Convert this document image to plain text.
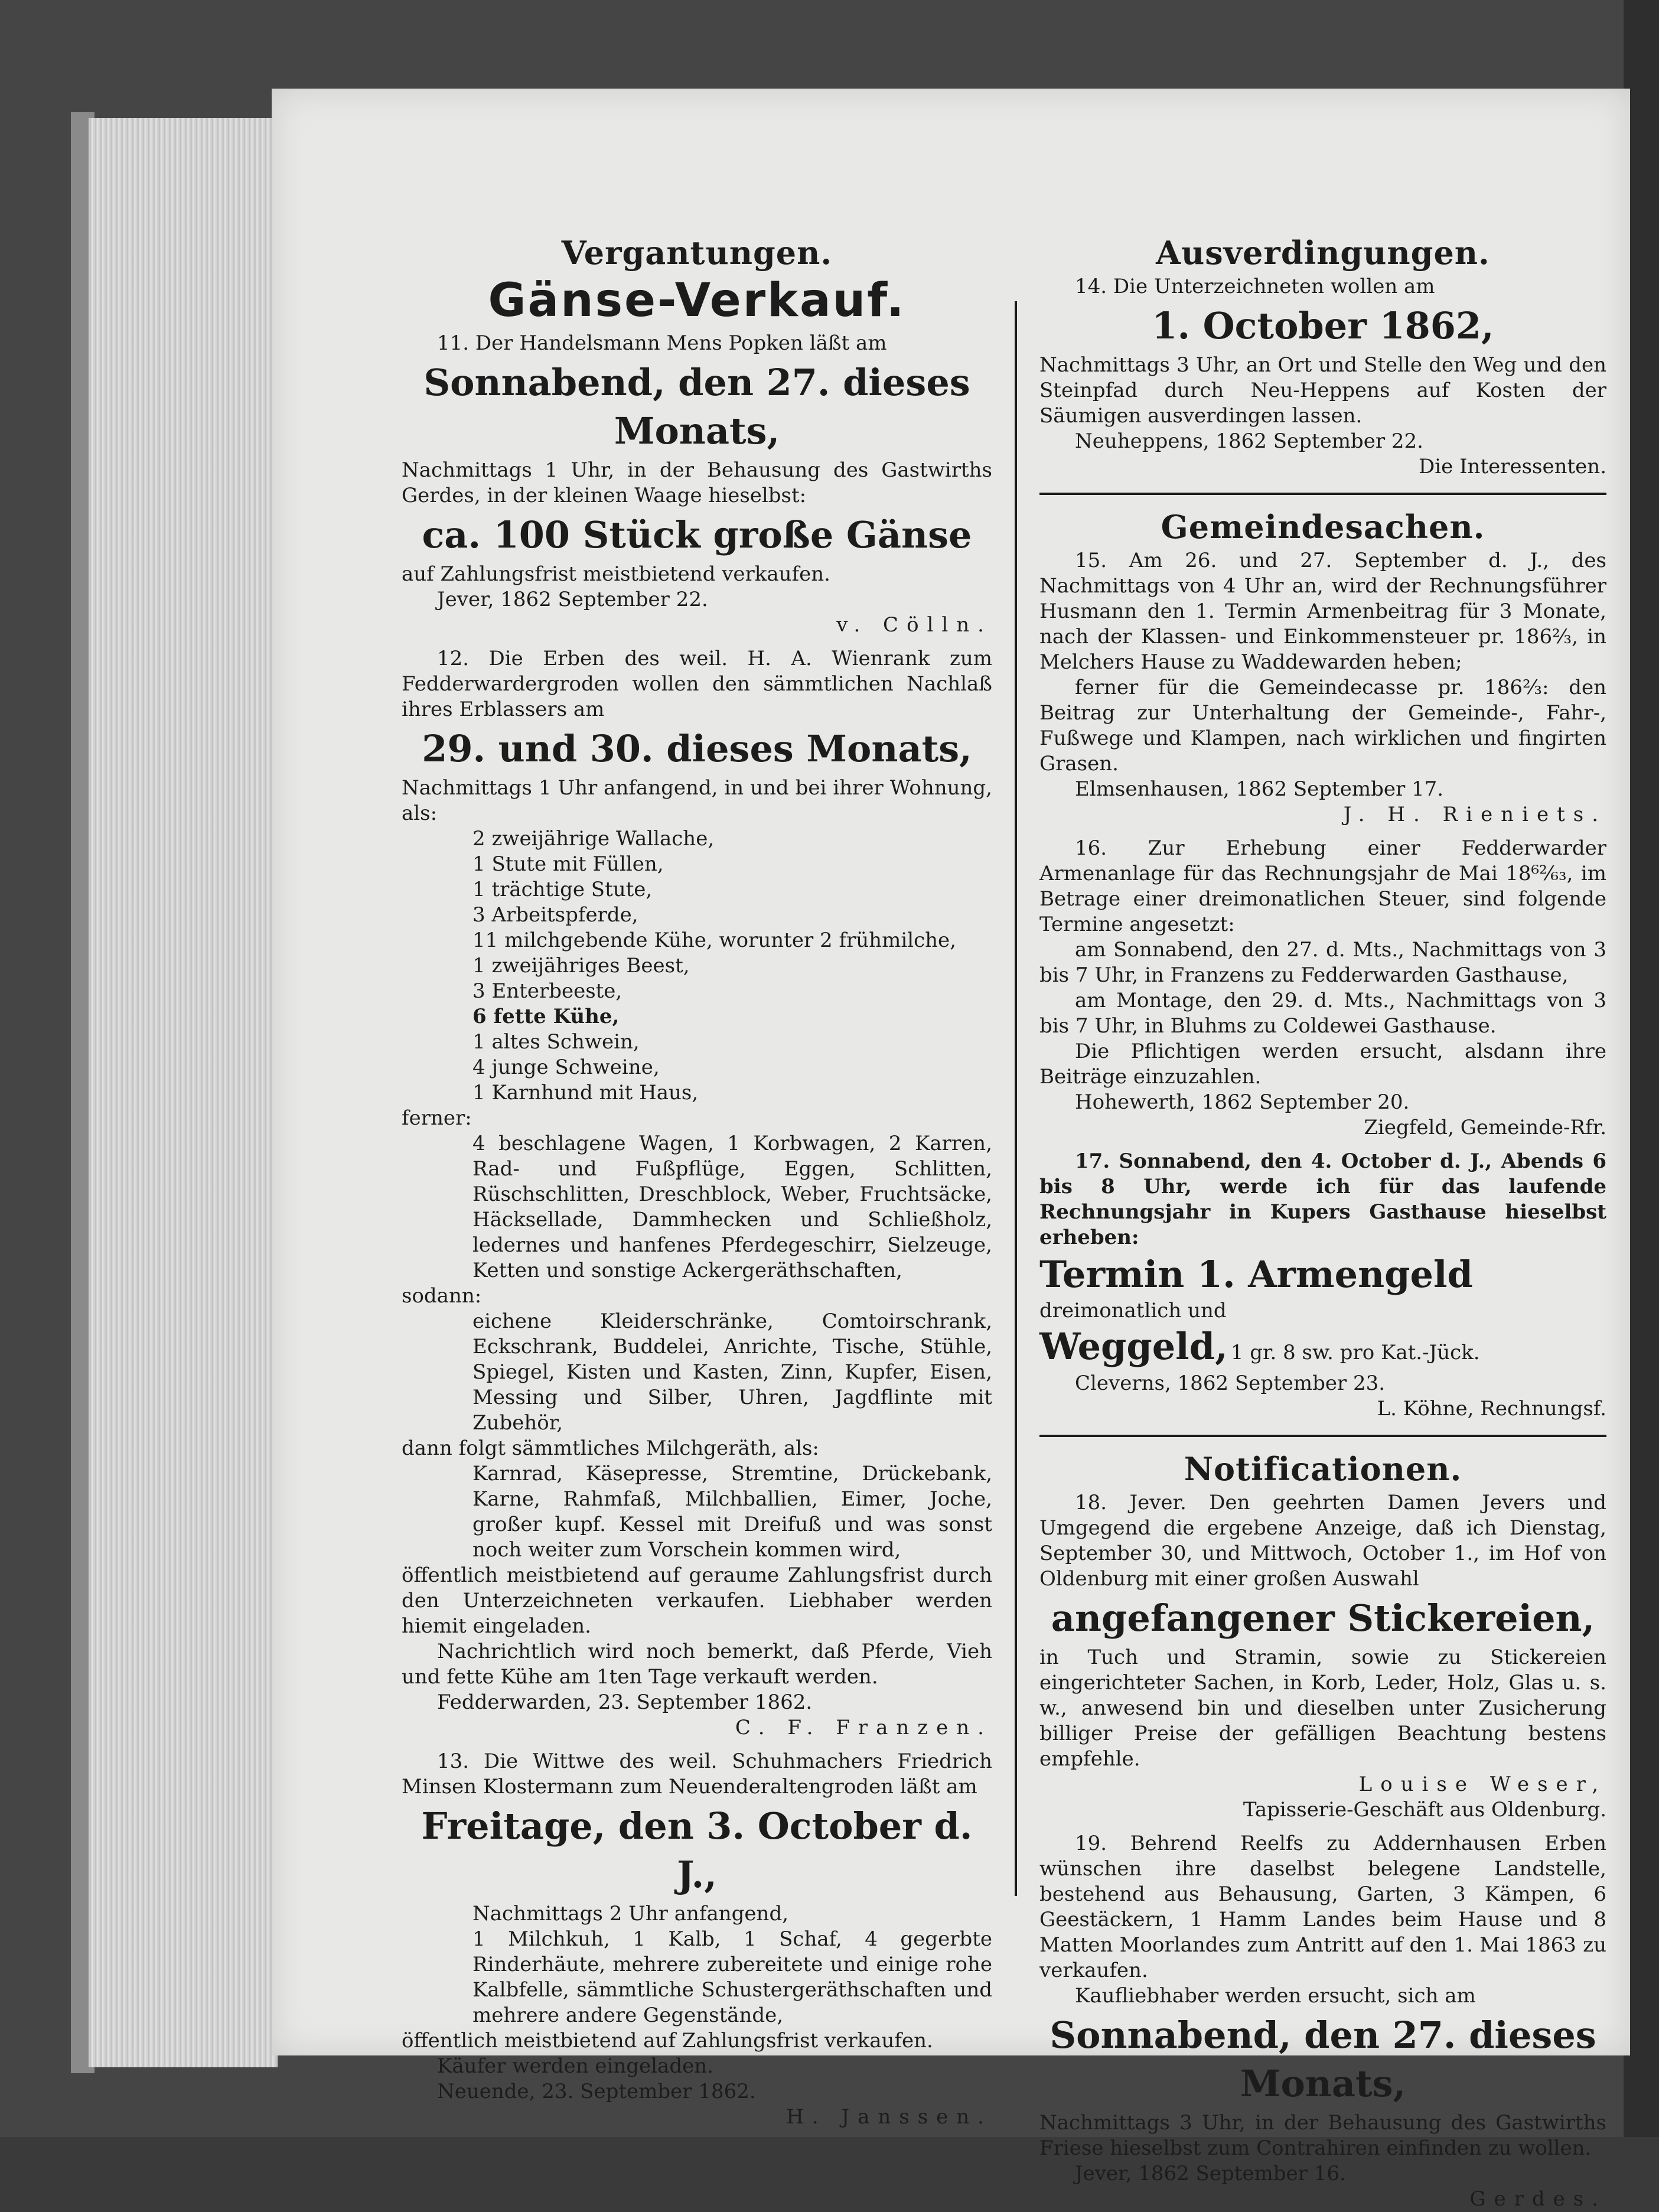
Vergantungen.
Gänse-Verkauf.

11. Der Handelsmann Mens Popken läßt am

Sonnabend, den 27. dieses Monats,

Nachmittags 1 Uhr, in der Behausung des Gastwirths Gerdes, in der kleinen Waage hieselbst:

ca. 100 Stück große Gänse

auf Zahlungsfrist meistbietend verkaufen.

Jever, 1862 September 22.

v. Cölln.

12. Die Erben des weil. H. A. Wienrank zum Fedderwardergroden wollen den sämmtlichen Nachlaß ihres Erblassers am

29. und 30. dieses Monats,

Nachmittags 1 Uhr anfangend, in und bei ihrer Wohnung, als:

2 zweijährige Wallache,
1 Stute mit Füllen,
1 trächtige Stute,
3 Arbeitspferde,
11 milchgebende Kühe, worunter 2 frühmilche,
1 zweijähriges Beest,
3 Enterbeeste,
6 fette Kühe,
1 altes Schwein,
4 junge Schweine,
1 Karnhund mit Haus,

ferner:

4 beschlagene Wagen, 1 Korbwagen, 2 Karren, Rad- und Fußpflüge, Eggen, Schlitten, Rüschschlitten, Dreschblock, Weber, Fruchtsäcke, Häcksellade, Dammhecken und Schließholz, ledernes und hanfenes Pferdegeschirr, Sielzeuge, Ketten und sonstige Ackergeräthschaften,

sodann:

eichene Kleiderschränke, Comtoirschrank, Eckschrank, Buddelei, Anrichte, Tische, Stühle, Spiegel, Kisten und Kasten, Zinn, Kupfer, Eisen, Messing und Silber, Uhren, Jagdflinte mit Zubehör,

dann folgt sämmtliches Milchgeräth, als:

Karnrad, Käsepresse, Stremtine, Drückebank, Karne, Rahmfaß, Milchballien, Eimer, Joche, großer kupf. Kessel mit Dreifuß und was sonst noch weiter zum Vorschein kommen wird,

öffentlich meistbietend auf geraume Zahlungsfrist durch den Unterzeichneten verkaufen. Liebhaber werden hiemit eingeladen.

Nachrichtlich wird noch bemerkt, daß Pferde, Vieh und fette Kühe am 1ten Tage verkauft werden.

Fedderwarden, 23. September 1862.

C. F. Franzen.

13. Die Wittwe des weil. Schuhmachers Friedrich Minsen Klostermann zum Neuenderaltengroden läßt am

Freitage, den 3. October d. J.,

Nachmittags 2 Uhr anfangend,

1 Milchkuh, 1 Kalb, 1 Schaf, 4 gegerbte Rinderhäute, mehrere zubereitete und einige rohe Kalbfelle, sämmtliche Schustergeräthschaften und mehrere andere Gegenstände,

öffentlich meistbietend auf Zahlungsfrist verkaufen.

Käufer werden eingeladen.

Neuende, 23. September 1862.

H. Janssen.

Ausverdingungen.

14. Die Unterzeichneten wollen am

1. October 1862,

Nachmittags 3 Uhr, an Ort und Stelle den Weg und den Steinpfad durch Neu-Heppens auf Kosten der Säumigen ausverdingen lassen.

Neuheppens, 1862 September 22.

Die Interessenten.

Gemeindesachen.

15. Am 26. und 27. September d. J., des Nachmittags von 4 Uhr an, wird der Rechnungsführer Husmann den 1. Termin Armenbeitrag für 3 Monate, nach der Klassen- und Einkommensteuer pr. 186⅔, in Melchers Hause zu Waddewarden heben;

ferner für die Gemeindecasse pr. 186⅔: den Beitrag zur Unterhaltung der Gemeinde-, Fahr-, Fußwege und Klampen, nach wirklichen und fingirten Grasen.

Elmsenhausen, 1862 September 17.

J. H. Rieniets.

16. Zur Erhebung einer Fedderwarder Armenanlage für das Rechnungsjahr de Mai 18⁶²⁄₆₃, im Betrage einer dreimonatlichen Steuer, sind folgende Termine angesetzt:

am Sonnabend, den 27. d. Mts., Nachmittags von 3 bis 7 Uhr, in Franzens zu Fedderwarden Gasthause,

am Montage, den 29. d. Mts., Nachmittags von 3 bis 7 Uhr, in Bluhms zu Coldewei Gasthause.

Die Pflichtigen werden ersucht, alsdann ihre Beiträge einzuzahlen.

Hohewerth, 1862 September 20.

Ziegfeld, Gemeinde-Rfr.

17. Sonnabend, den 4. October d. J., Abends 6 bis 8 Uhr, werde ich für das laufende Rechnungsjahr in Kupers Gasthause hieselbst erheben:

Termin 1. Armengeld dreimonatlich und
Weggeld, 1 gr. 8 sw. pro Kat.-Jück.

Cleverns, 1862 September 23.

L. Köhne, Rechnungsf.

Notificationen.

18. Jever. Den geehrten Damen Jevers und Umgegend die ergebene Anzeige, daß ich Dienstag, September 30, und Mittwoch, October 1., im Hof von Oldenburg mit einer großen Auswahl

angefangener Stickereien,

in Tuch und Stramin, sowie zu Stickereien eingerichteter Sachen, in Korb, Leder, Holz, Glas u. s. w., anwesend bin und dieselben unter Zusicherung billiger Preise der gefälligen Beachtung bestens empfehle.

Louise Weser,

Tapisserie-Geschäft aus Oldenburg.

19. Behrend Reelfs zu Addernhausen Erben wünschen ihre daselbst belegene Landstelle, bestehend aus Behausung, Garten, 3 Kämpen, 6 Geestäckern, 1 Hamm Landes beim Hause und 8 Matten Moorlandes zum Antritt auf den 1. Mai 1863 zu verkaufen.

Kaufliebhaber werden ersucht, sich am

Sonnabend, den 27. dieses Monats,

Nachmittags 3 Uhr, in der Behausung des Gastwirths Friese hieselbst zum Contrahiren einfinden zu wollen.

Jever, 1862 September 16.

Gerdes.
